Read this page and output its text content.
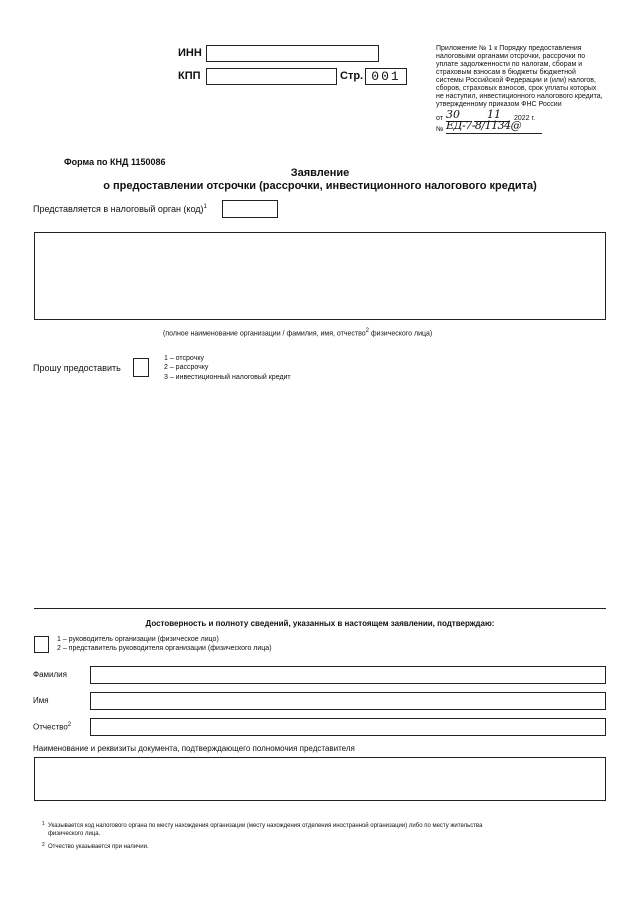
ИНН
КПП	Стр. 001
Приложение № 1 к Порядку предоставления
налоговыми органами отсрочки, рассрочки по
уплате задолженности по налогам, сборам и
страховым взносам в бюджеты бюджетной
системы Российской Федерации и (или) налогов,
сборов, страховых взносов, срок уплаты которых
не наступил, инвестиционного налогового кредита,
утвержденному приказом ФНС России
от 30 11 2022 г.
№ ЕД-7-8/1134@
Форма по КНД 1150086
Заявление
о предоставлении отсрочки (рассрочки, инвестиционного налогового кредита)
Представляется в налоговый орган (код)$^1$
(полное наименование организации / фамилия, имя, отчество$^2$ физического лица)
Прошу предоставить
1 – отсрочку
2 – рассрочку
3 – инвестиционный налоговый кредит
Достоверность и полноту сведений, указанных в настоящем заявлении, подтверждаю:
1 – руководитель организации (физическое лицо)
2 – представитель руководителя организации (физического лица)
Фамилия
Имя
Отчество$^2$
Наименование и реквизиты документа, подтверждающего полномочия представителя
1 Указывается код налогового органа по месту нахождения организации (месту нахождения отделения иностранной организации) либо по месту жительства
физического лица.
2 Отчество указывается при наличии.
